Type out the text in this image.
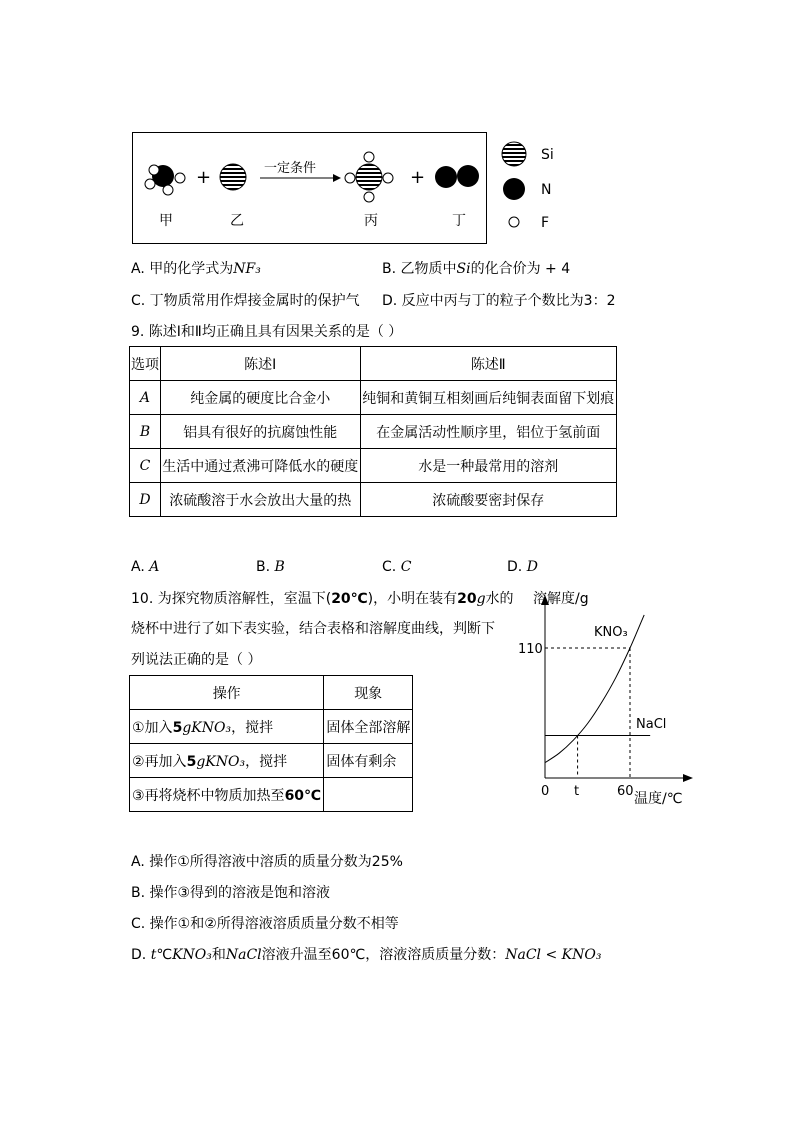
+	一定条件	+
甲	乙	丙	丁
Si
N
F
A. 甲的化学式为NF₃	B. 乙物质中Si的化合价为 + 4
C. 丁物质常用作焊接金属时的保护气 D. 反应中丙与丁的粒子个数比为3：2
9. 陈述Ⅰ和Ⅱ均正确且具有因果关系的是（ ）
选项	陈述Ⅰ	陈述Ⅱ
A	纯金属的硬度比合金小	纯铜和黄铜互相刻画后纯铜表面留下划痕
B	铝具有很好的抗腐蚀性能	在金属活动性顺序里，铝位于氢前面
C	生活中通过煮沸可降低水的硬度	水是一种最常用的溶剂
D	浓硫酸溶于水会放出大量的热	浓硫酸要密封保存
A. A	B. B	C. C	D. D
10. 为探究物质溶解性，室温下(20℃)，小明在装有20g水的
烧杯中进行了如下表实验，结合表格和溶解度曲线，判断下
列说法正确的是（ ）
操作	现象
①加入5gKNO₃，搅拌	固体全部溶解
②再加入5gKNO₃，搅拌	固体有剩余
③再将烧杯中物质加热至60℃	
溶解度/g
温度/℃
0 t	60
110
KNO₃
NaCl
A. 操作①所得溶液中溶质的质量分数为25%
B. 操作③得到的溶液是饱和溶液
C. 操作①和②所得溶液溶质质量分数不相等
D. t℃KNO₃和NaCl溶液升温至60℃，溶液溶质质量分数：NaCl < KNO₃
